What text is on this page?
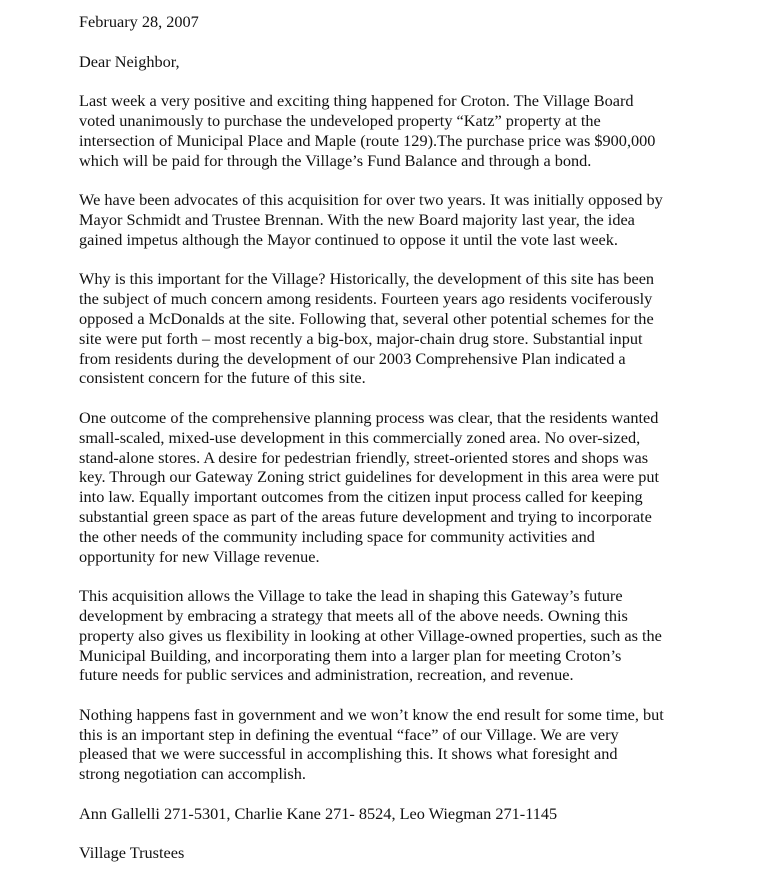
February 28, 2007

Dear Neighbor,

Last week a very positive and exciting thing happened for Croton. The Village Board

voted unanimously to purchase the undeveloped property “Katz” property at the

intersection of Municipal Place and Maple (route 129).The purchase price was $900,000

which will be paid for through the Village’s Fund Balance and through a bond.

We have been advocates of this acquisition for over two years. It was initially opposed by

Mayor Schmidt and Trustee Brennan. With the new Board majority last year, the idea

gained impetus although the Mayor continued to oppose it until the vote last week.

Why is this important for the Village? Historically, the development of this site has been

the subject of much concern among residents. Fourteen years ago residents vociferously

opposed a McDonalds at the site. Following that, several other potential schemes for the

site were put forth – most recently a big-box, major-chain drug store. Substantial input

from residents during the development of our 2003 Comprehensive Plan indicated a

consistent concern for the future of this site.

One outcome of the comprehensive planning process was clear, that the residents wanted

small-scaled, mixed-use development in this commercially zoned area. No over-sized,

stand-alone stores. A desire for pedestrian friendly, street-oriented stores and shops was

key. Through our Gateway Zoning strict guidelines for development in this area were put

into law. Equally important outcomes from the citizen input process called for keeping

substantial green space as part of the areas future development and trying to incorporate

the other needs of the community including space for community activities and

opportunity for new Village revenue.

This acquisition allows the Village to take the lead in shaping this Gateway’s future

development by embracing a strategy that meets all of the above needs. Owning this

property also gives us flexibility in looking at other Village-owned properties, such as the

Municipal Building, and incorporating them into a larger plan for meeting Croton’s

future needs for public services and administration, recreation, and revenue.

Nothing happens fast in government and we won’t know the end result for some time, but

this is an important step in defining the eventual “face” of our Village. We are very

pleased that we were successful in accomplishing this. It shows what foresight and

strong negotiation can accomplish.

Ann Gallelli 271-5301, Charlie Kane 271- 8524, Leo Wiegman 271-1145

Village Trustees
